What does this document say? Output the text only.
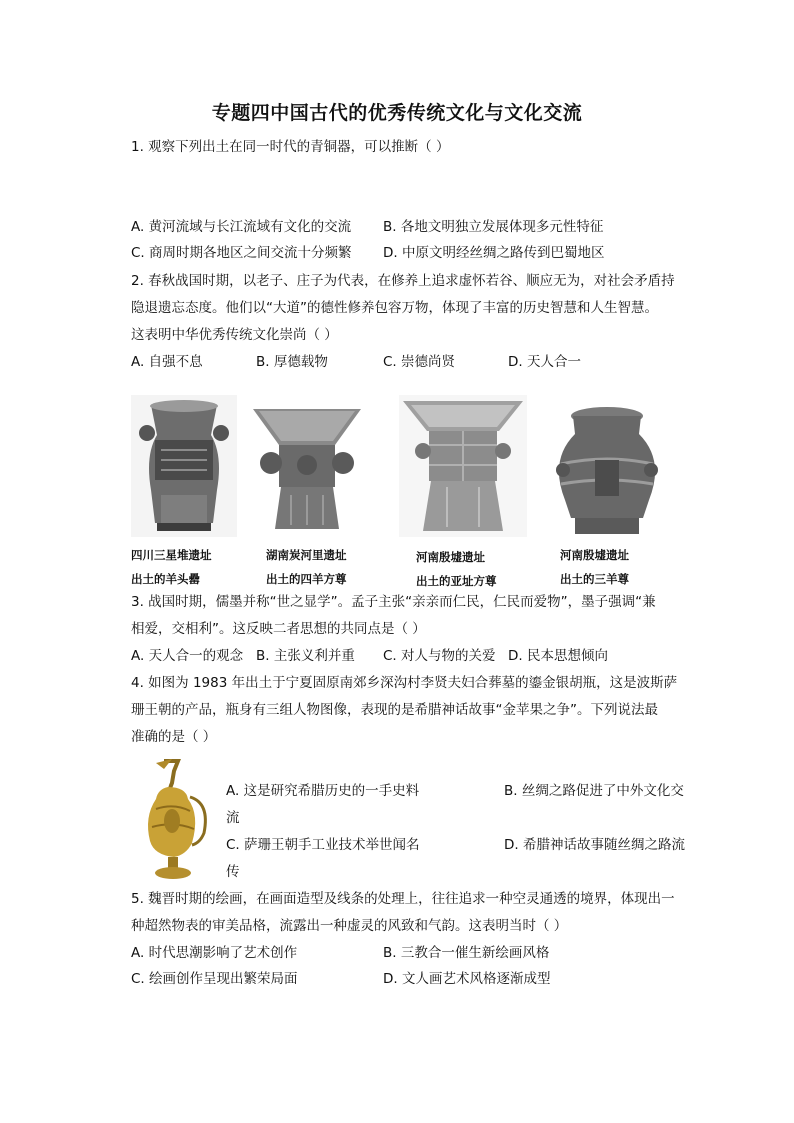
专题四中国古代的优秀传统文化与文化交流
1. 观察下列出土在同一时代的青铜器，可以推断（ ）
A. 黄河流域与长江流域有文化的交流 B. 各地文明独立发展体现多元性特征
C. 商周时期各地区之间交流十分频繁 D. 中原文明经丝绸之路传到巴蜀地区
2. 春秋战国时期，以老子、庄子为代表，在修养上追求虚怀若谷、顺应无为，对社会矛盾持
隐退遗忘态度。他们以“大道”的德性修养包容万物，体现了丰富的历史智慧和人生智慧。
这表明中华优秀传统文化崇尚（ ）
A. 自强不息	B. 厚德载物	C. 崇德尚贤	D. 天人合一
四川三星堆遗址
出土的羊头罍
湖南炭河里遗址
出土的四羊方尊
河南殷墟遗址
出土的亚址方尊
河南殷墟遗址
出土的三羊尊
3. 战国时期，儒墨并称“世之显学”。孟子主张“亲亲而仁民，仁民而爱物”，墨子强调“兼
相爱，交相利”。这反映二者思想的共同点是（ ）
A. 天人合一的观念 B. 主张义利并重 C. 对人与物的关爱 D. 民本思想倾向
4. 如图为 1983 年出土于宁夏固原南郊乡深沟村李贤夫妇合葬墓的鎏金银胡瓶，这是波斯萨
珊王朝的产品，瓶身有三组人物图像，表现的是希腊神话故事“金苹果之争”。下列说法最
准确的是（ ）
A. 这是研究希腊历史的一手史料	B. 丝绸之路促进了中外文化交
流
C. 萨珊王朝手工业技术举世闻名	D. 希腊神话故事随丝绸之路流
传
5. 魏晋时期的绘画，在画面造型及线条的处理上，往往追求一种空灵通透的境界，体现出一
种超然物表的审美品格，流露出一种虚灵的风致和气韵。这表明当时（ ）
A. 时代思潮影响了艺术创作	B. 三教合一催生新绘画风格
C. 绘画创作呈现出繁荣局面	D. 文人画艺术风格逐渐成型
